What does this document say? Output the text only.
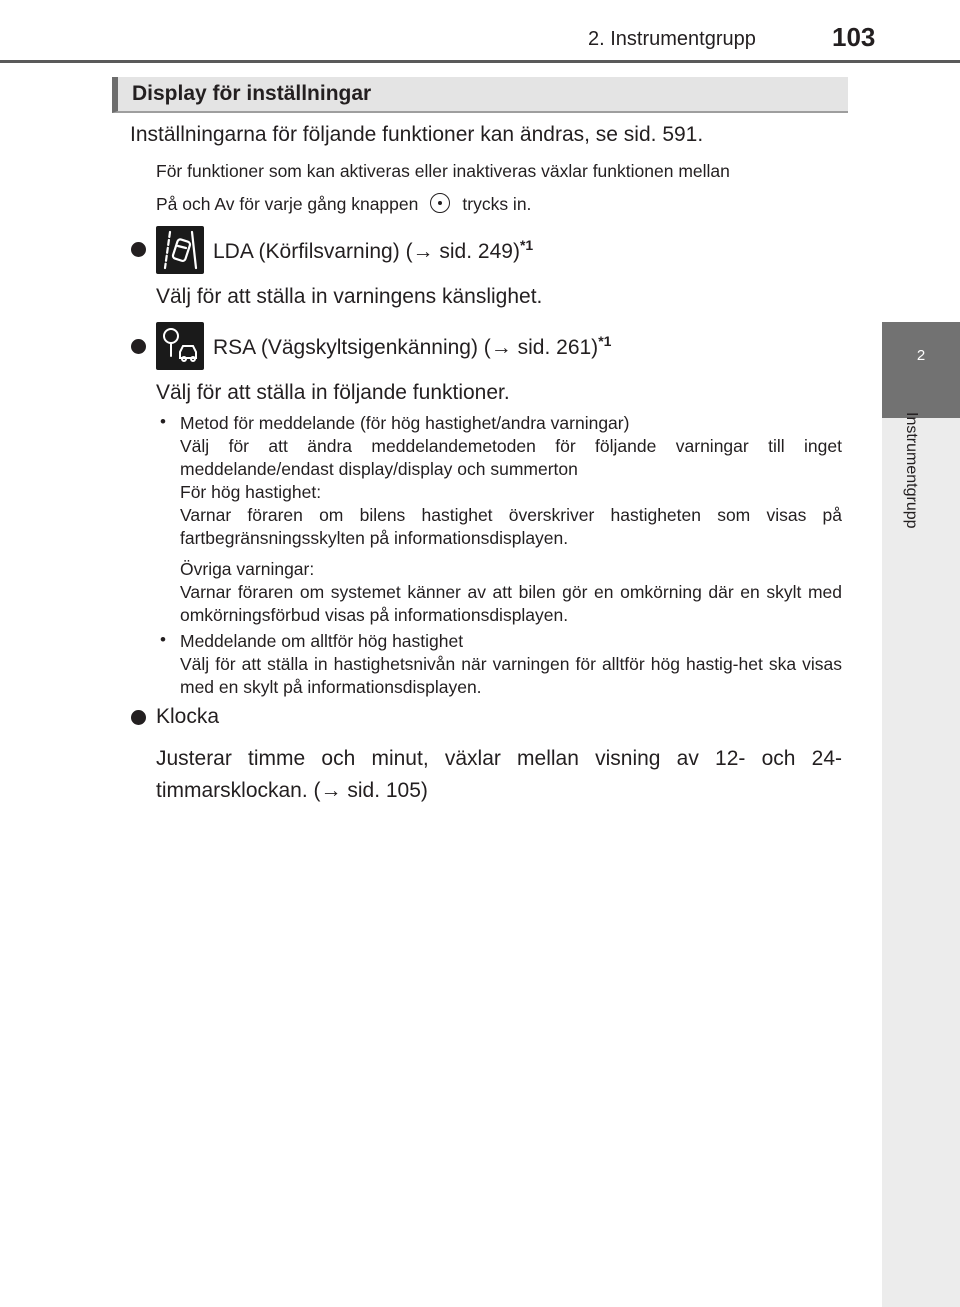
2. Instrumentgrupp	103
2
Instrumentgrupp
Display för inställningar
Inställningarna för följande funktioner kan ändras, se sid. 591.
För funktioner som kan aktiveras eller inaktiveras växlar funktionen mellan
På och Av för varje gång knappen	trycks in.
LDA (Körfilsvarning) (→ sid. 249)$^{*1}$
Välj för att ställa in varningens känslighet.
RSA (Vägskyltsigenkänning) (→ sid. 261)$^{*1}$
Välj för att ställa in följande funktioner.
• Metod för meddelande (för hög hastighet/andra varningar)
Välj för att ändra meddelandemetoden för följande varningar till inget meddelande/endast display/display och summerton
För hög hastighet:
Varnar föraren om bilens hastighet överskriver hastigheten som visas på fartbegränsningsskylten på informationsdisplayen.
Övriga varningar:
Varnar föraren om systemet känner av att bilen gör en omkörning där en skylt med omkörningsförbud visas på informationsdisplayen.
• Meddelande om alltför hög hastighet
Välj för att ställa in hastighetsnivån när varningen för alltför hög hastig-het ska visas med en skylt på informationsdisplayen.
Klocka
Justerar timme och minut, växlar mellan visning av 12- och 24-timmarsklockan. (→ sid. 105)
